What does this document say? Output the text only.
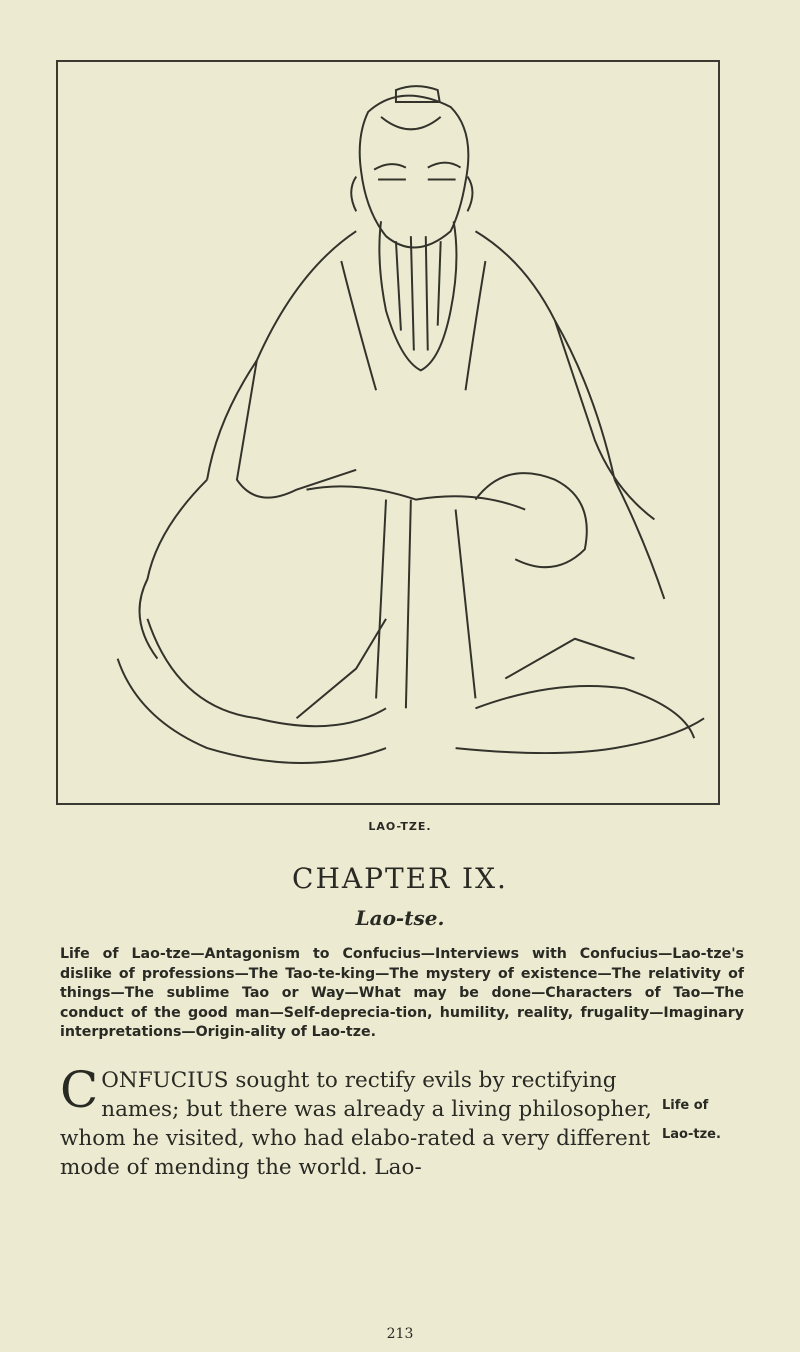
LAO-TZE.
CHAPTER IX.
Lao-tse.
Life of Lao-tze—Antagonism to Confucius—Interviews with Confucius—Lao-tze's dislike of professions—The Tao-te-king—The mystery of existence—The relativity of things—The sublime Tao or Way—What may be done—Characters of Tao—The conduct of the good man—Self-deprecia-tion, humility, reality, frugality—Imaginary interpretations—Origin-ality of Lao-tze.
CONFUCIUS sought to rectify evils by rectifying names; but there was already a living philosopher, whom he visited, who had elabo-rated a very different mode of mending the world. Lao-
Life of
Lao-tze.
213
